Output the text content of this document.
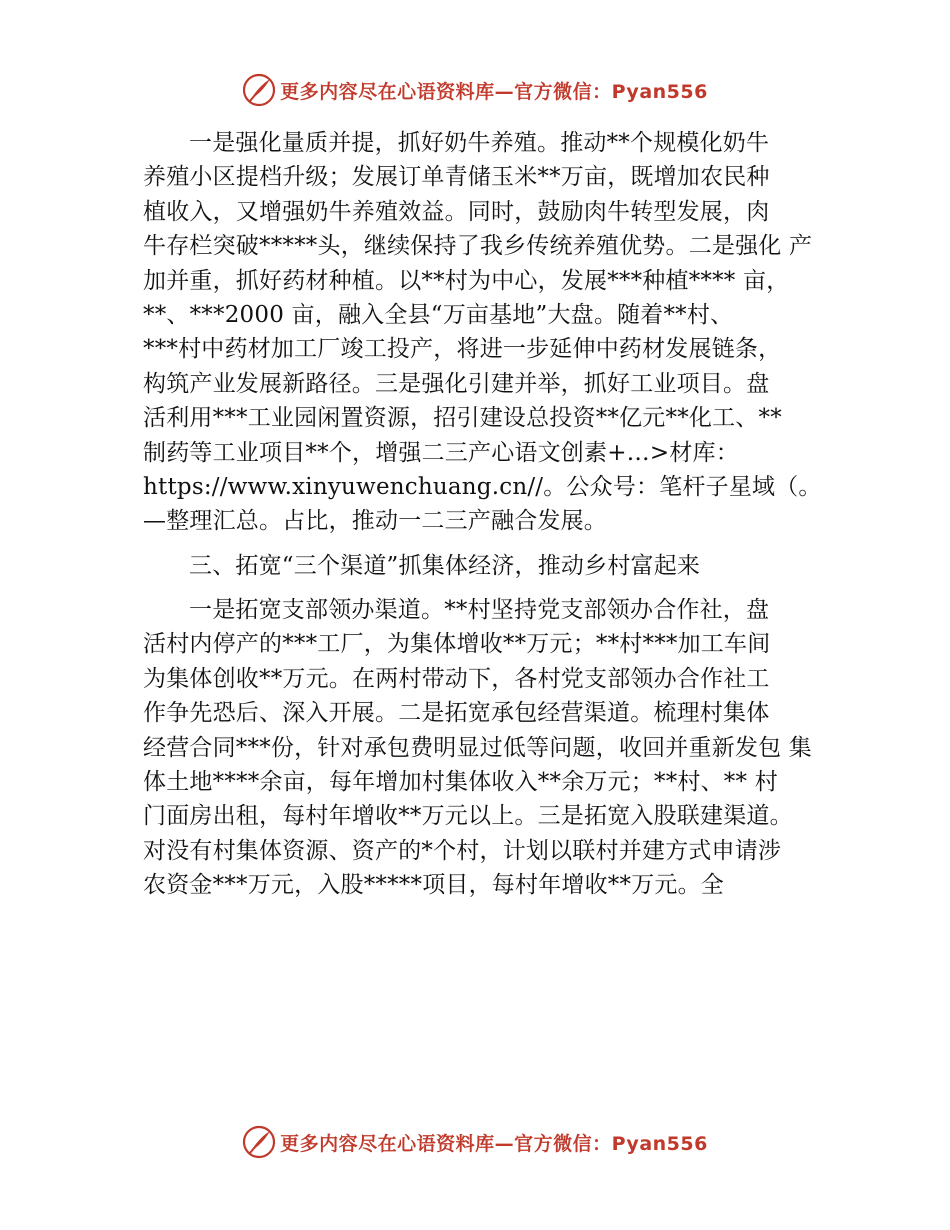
更多内容尽在心语资料库—官方微信：Pyan556
一是强化量质并提，抓好奶牛养殖。推动**个规模化奶牛
养殖小区提档升级；发展订单青储玉米**万亩，既增加农民种
植收入，又增强奶牛养殖效益。同时，鼓励肉牛转型发展，肉
牛存栏突破*****头，继续保持了我乡传统养殖优势。二是强化 产
加并重，抓好药材种植。以**村为中心，发展***种植**** 亩，
**、***2000 亩，融入全县“万亩基地”大盘。随着**村、
***村中药材加工厂竣工投产，将进一步延伸中药材发展链条，
构筑产业发展新路径。三是强化引建并举，抓好工业项目。盘
活利用***工业园闲置资源，招引建设总投资**亿元**化工、**
制药等工业项目**个，增强二三产心语文创素+…>材库：
https://www.xinyuwenchuang.cn//。公众号：笔杆子星域（。
—整理汇总。占比，推动一二三产融合发展。
三、拓宽“三个渠道”抓集体经济，推动乡村富起来
一是拓宽支部领办渠道。**村坚持党支部领办合作社，盘
活村内停产的***工厂，为集体增收**万元；**村***加工车间
为集体创收**万元。在两村带动下，各村党支部领办合作社工
作争先恐后、深入开展。二是拓宽承包经营渠道。梳理村集体
经营合同***份，针对承包费明显过低等问题，收回并重新发包 集
体土地****余亩，每年增加村集体收入**余万元；**村、** 村
门面房出租，每村年增收**万元以上。三是拓宽入股联建渠道。
对没有村集体资源、资产的*个村，计划以联村并建方式申请涉
农资金***万元，入股*****项目，每村年增收**万元。全
更多内容尽在心语资料库—官方微信：Pyan556
